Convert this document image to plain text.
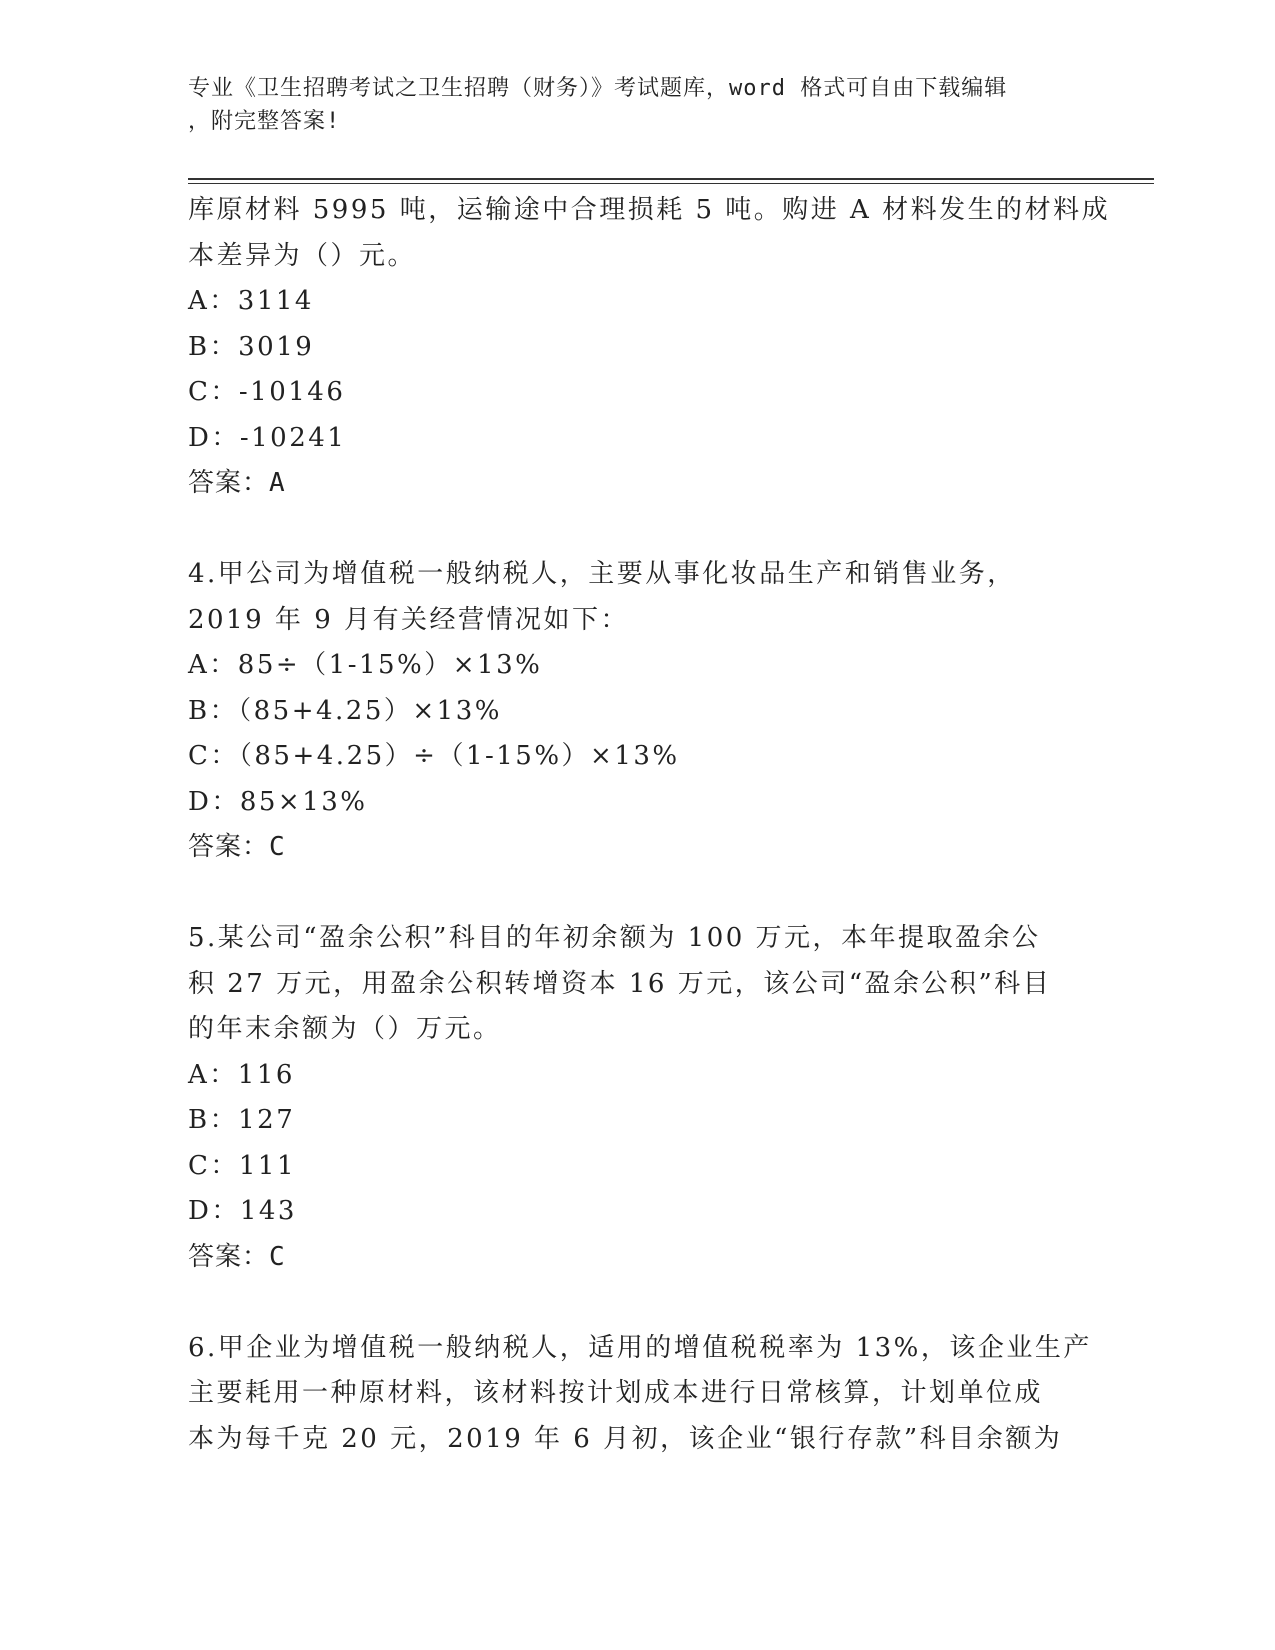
专业《卫生招聘考试之卫生招聘（财务）》考试题库，word 格式可自由下载编辑
，附完整答案!
库原材料 5995 吨，运输途中合理损耗 5 吨。购进 A 材料发生的材料成
本差异为（）元。
A：3114
B：3019
C：-10146
D：-10241
答案：A
4.甲公司为增值税一般纳税人，主要从事化妆品生产和销售业务，
2019 年 9 月有关经营情况如下：
A：85÷（1-15%）×13%
B：（85+4.25）×13%
C：（85+4.25）÷（1-15%）×13%
D：85×13%
答案：C
5.某公司“盈余公积”科目的年初余额为 100 万元，本年提取盈余公
积 27 万元，用盈余公积转增资本 16 万元，该公司“盈余公积”科目
的年末余额为（）万元。
A：116
B：127
C：111
D：143
答案：C
6.甲企业为增值税一般纳税人，适用的增值税税率为 13%，该企业生产
主要耗用一种原材料，该材料按计划成本进行日常核算，计划单位成
本为每千克 20 元，2019 年 6 月初，该企业“银行存款”科目余额为
